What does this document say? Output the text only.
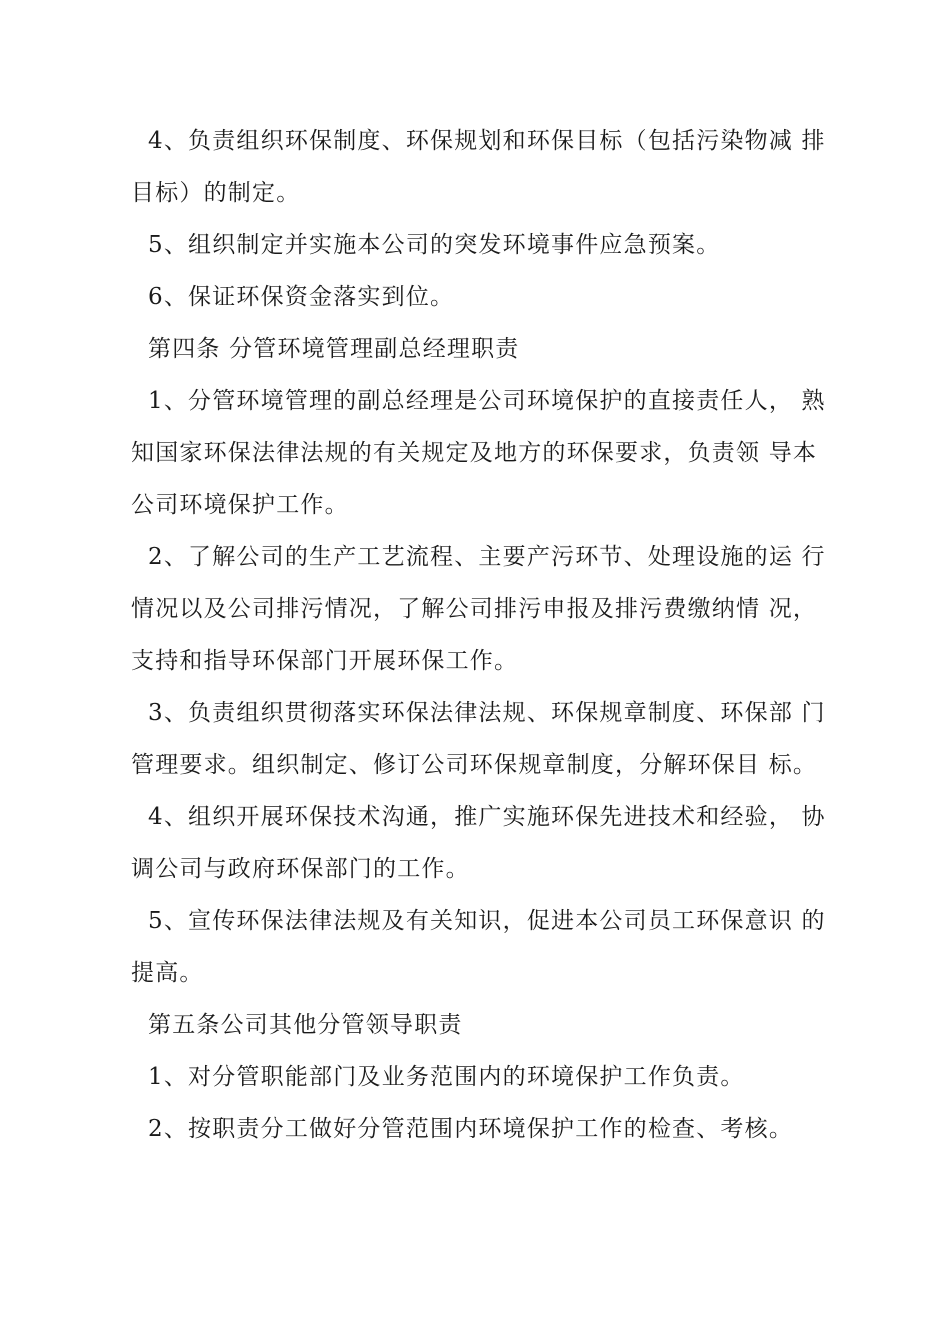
4、负责组织环保制度、环保规划和环保目标（包括污染物减 排目标）的制定。

5、组织制定并实施本公司的突发环境事件应急预案。

6、保证环保资金落实到位。

第四条 分管环境管理副总经理职责

1、分管环境管理的副总经理是公司环境保护的直接责任人， 熟知国家环保法律法规的有关规定及地方的环保要求，负责领 导本公司环境保护工作。

2、了解公司的生产工艺流程、主要产污环节、处理设施的运 行情况以及公司排污情况，了解公司排污申报及排污费缴纳情 况，支持和指导环保部门开展环保工作。

3、负责组织贯彻落实环保法律法规、环保规章制度、环保部 门管理要求。组织制定、修订公司环保规章制度，分解环保目 标。

4、组织开展环保技术沟通，推广实施环保先进技术和经验， 协调公司与政府环保部门的工作。

5、宣传环保法律法规及有关知识，促进本公司员工环保意识 的提高。

第五条公司其他分管领导职责

1、对分管职能部门及业务范围内的环境保护工作负责。

2、按职责分工做好分管范围内环境保护工作的检查、考核。
